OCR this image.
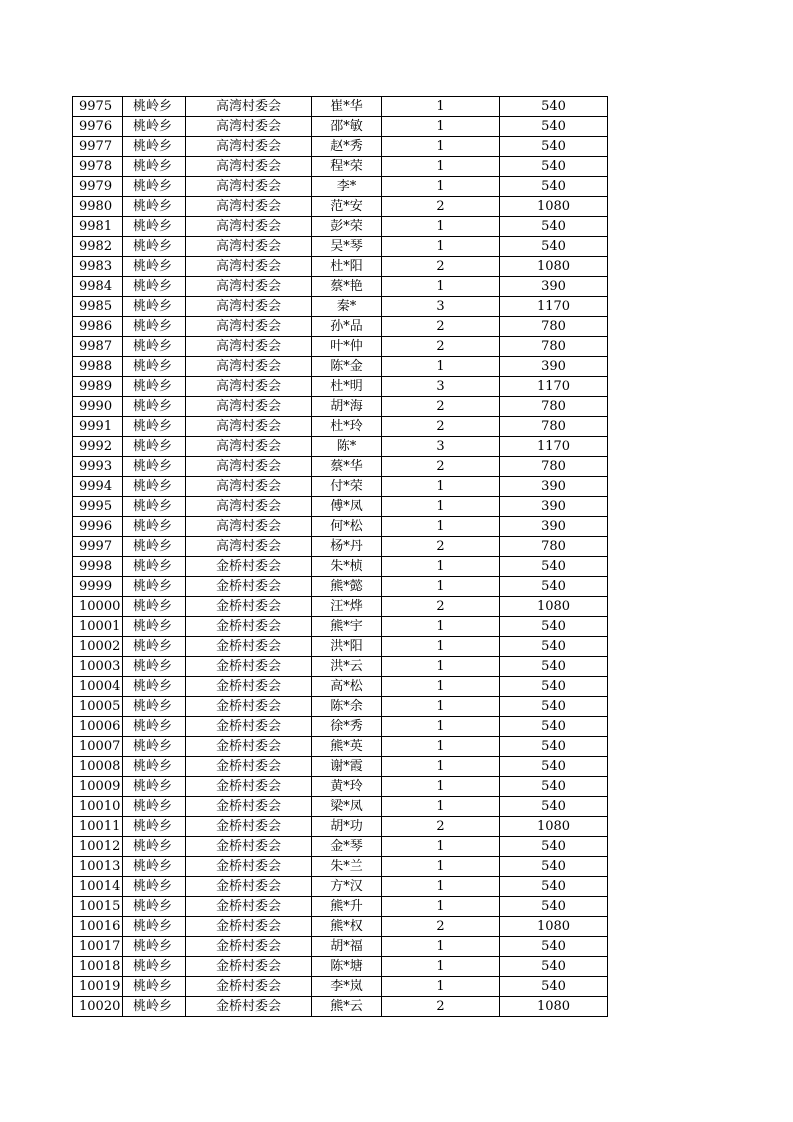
9975	桃岭乡	高湾村委会	崔*华	1	540
9976	桃岭乡	高湾村委会	邵*敏	1	540
9977	桃岭乡	高湾村委会	赵*秀	1	540
9978	桃岭乡	高湾村委会	程*荣	1	540
9979	桃岭乡	高湾村委会	李*	1	540
9980	桃岭乡	高湾村委会	范*安	2	1080
9981	桃岭乡	高湾村委会	彭*荣	1	540
9982	桃岭乡	高湾村委会	吴*琴	1	540
9983	桃岭乡	高湾村委会	杜*阳	2	1080
9984	桃岭乡	高湾村委会	蔡*艳	1	390
9985	桃岭乡	高湾村委会	秦*	3	1170
9986	桃岭乡	高湾村委会	孙*品	2	780
9987	桃岭乡	高湾村委会	叶*仲	2	780
9988	桃岭乡	高湾村委会	陈*金	1	390
9989	桃岭乡	高湾村委会	杜*明	3	1170
9990	桃岭乡	高湾村委会	胡*海	2	780
9991	桃岭乡	高湾村委会	杜*玲	2	780
9992	桃岭乡	高湾村委会	陈*	3	1170
9993	桃岭乡	高湾村委会	蔡*华	2	780
9994	桃岭乡	高湾村委会	付*荣	1	390
9995	桃岭乡	高湾村委会	傅*凤	1	390
9996	桃岭乡	高湾村委会	何*松	1	390
9997	桃岭乡	高湾村委会	杨*丹	2	780
9998	桃岭乡	金桥村委会	朱*桢	1	540
9999	桃岭乡	金桥村委会	熊*懿	1	540
10000	桃岭乡	金桥村委会	汪*烨	2	1080
10001	桃岭乡	金桥村委会	熊*宇	1	540
10002	桃岭乡	金桥村委会	洪*阳	1	540
10003	桃岭乡	金桥村委会	洪*云	1	540
10004	桃岭乡	金桥村委会	高*松	1	540
10005	桃岭乡	金桥村委会	陈*余	1	540
10006	桃岭乡	金桥村委会	徐*秀	1	540
10007	桃岭乡	金桥村委会	熊*英	1	540
10008	桃岭乡	金桥村委会	谢*霞	1	540
10009	桃岭乡	金桥村委会	黄*玲	1	540
10010	桃岭乡	金桥村委会	梁*凤	1	540
10011	桃岭乡	金桥村委会	胡*功	2	1080
10012	桃岭乡	金桥村委会	金*琴	1	540
10013	桃岭乡	金桥村委会	朱*兰	1	540
10014	桃岭乡	金桥村委会	方*汉	1	540
10015	桃岭乡	金桥村委会	熊*升	1	540
10016	桃岭乡	金桥村委会	熊*权	2	1080
10017	桃岭乡	金桥村委会	胡*福	1	540
10018	桃岭乡	金桥村委会	陈*塘	1	540
10019	桃岭乡	金桥村委会	李*岚	1	540
10020	桃岭乡	金桥村委会	熊*云	2	1080
